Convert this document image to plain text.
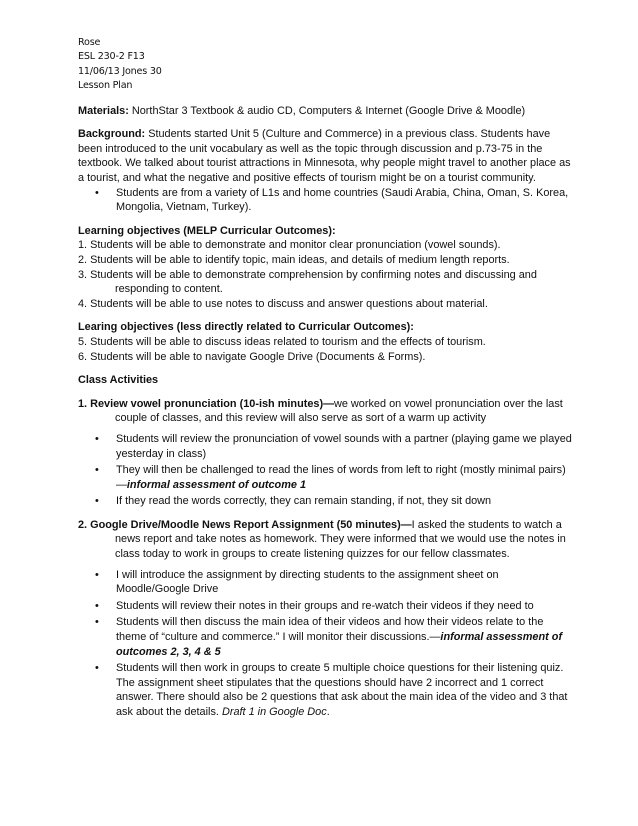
Rose
ESL 230-2 F13
11/06/13 Jones 30
Lesson Plan
Materials: NorthStar 3 Textbook & audio CD, Computers & Internet (Google Drive & Moodle)
Background: Students started Unit 5 (Culture and Commerce) in a previous class. Students have been introduced to the unit vocabulary as well as the topic through discussion and p.73-75 in the textbook. We talked about tourist attractions in Minnesota, why people might travel to another place as a tourist, and what the negative and positive effects of tourism might be on a tourist community.
• Students are from a variety of L1s and home countries (Saudi Arabia, China, Oman, S. Korea, Mongolia, Vietnam, Turkey).
Learning objectives (MELP Curricular Outcomes):
1. Students will be able to demonstrate and monitor clear pronunciation (vowel sounds).
2. Students will be able to identify topic, main ideas, and details of medium length reports.
3. Students will be able to demonstrate comprehension by confirming notes and discussing and responding to content.
4. Students will be able to use notes to discuss and answer questions about material.
Learing objectives (less directly related to Curricular Outcomes):
5. Students will be able to discuss ideas related to tourism and the effects of tourism.
6. Students will be able to navigate Google Drive (Documents & Forms).
Class Activities
1. Review vowel pronunciation (10-ish minutes)—we worked on vowel pronunciation over the last couple of classes, and this review will also serve as sort of a warm up activity
• Students will review the pronunciation of vowel sounds with a partner (playing game we played yesterday in class)
• They will then be challenged to read the lines of words from left to right (mostly minimal pairs)—informal assessment of outcome 1
• If they read the words correctly, they can remain standing, if not, they sit down
2. Google Drive/Moodle News Report Assignment (50 minutes)—I asked the students to watch a news report and take notes as homework. They were informed that we would use the notes in class today to work in groups to create listening quizzes for our fellow classmates.
• I will introduce the assignment by directing students to the assignment sheet on Moodle/Google Drive
• Students will review their notes in their groups and re-watch their videos if they need to
• Students will then discuss the main idea of their videos and how their videos relate to the theme of “culture and commerce.” I will monitor their discussions.—informal assessment of outcomes 2, 3, 4 & 5
• Students will then work in groups to create 5 multiple choice questions for their listening quiz. The assignment sheet stipulates that the questions should have 2 incorrect and 1 correct answer. There should also be 2 questions that ask about the main idea of the video and 3 that ask about the details. Draft 1 in Google Doc.
